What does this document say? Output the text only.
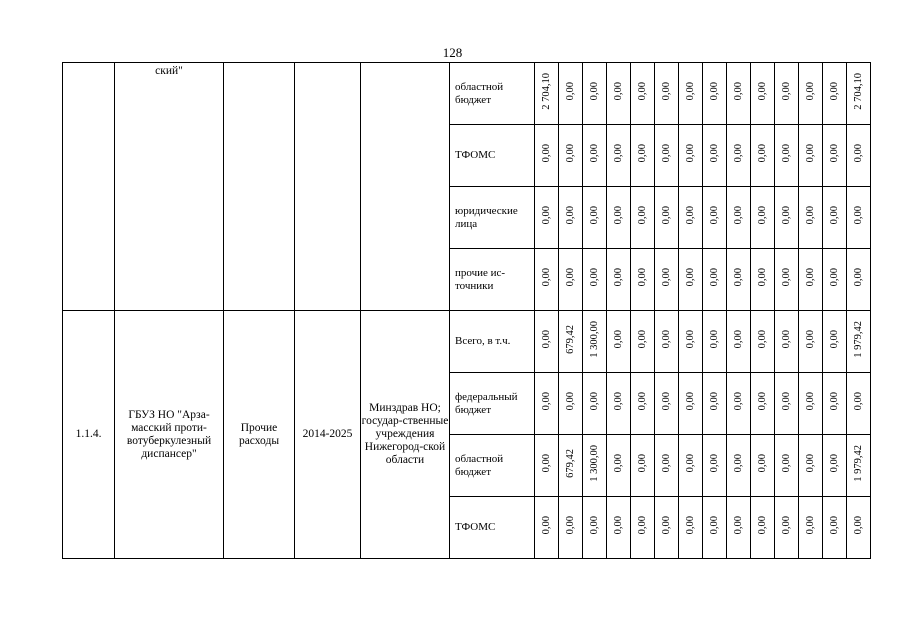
128
	ский"				областной бюджет	2 704,10	0,00	0,00	0,00	0,00	0,00	0,00	0,00	0,00	0,00	0,00	0,00	0,00	2 704,10
					ТФОМС	0,00	0,00	0,00	0,00	0,00	0,00	0,00	0,00	0,00	0,00	0,00	0,00	0,00	0,00
					юридические лица	0,00	0,00	0,00	0,00	0,00	0,00	0,00	0,00	0,00	0,00	0,00	0,00	0,00	0,00
					прочие ис-точники	0,00	0,00	0,00	0,00	0,00	0,00	0,00	0,00	0,00	0,00	0,00	0,00	0,00	0,00
1.1.4.	ГБУЗ НО "Арза-масский проти-вотуберкулезный диспансер"	Прочие расходы	2014-2025	Минздрав НО; государ-ственные учреждения Нижегород-ской области	Всего, в т.ч.	0,00	679,42	1 300,00	0,00	0,00	0,00	0,00	0,00	0,00	0,00	0,00	0,00	0,00	1 979,42
					федеральный бюджет	0,00	0,00	0,00	0,00	0,00	0,00	0,00	0,00	0,00	0,00	0,00	0,00	0,00	0,00
					областной бюджет	0,00	679,42	1 300,00	0,00	0,00	0,00	0,00	0,00	0,00	0,00	0,00	0,00	0,00	1 979,42
					ТФОМС	0,00	0,00	0,00	0,00	0,00	0,00	0,00	0,00	0,00	0,00	0,00	0,00	0,00	0,00
